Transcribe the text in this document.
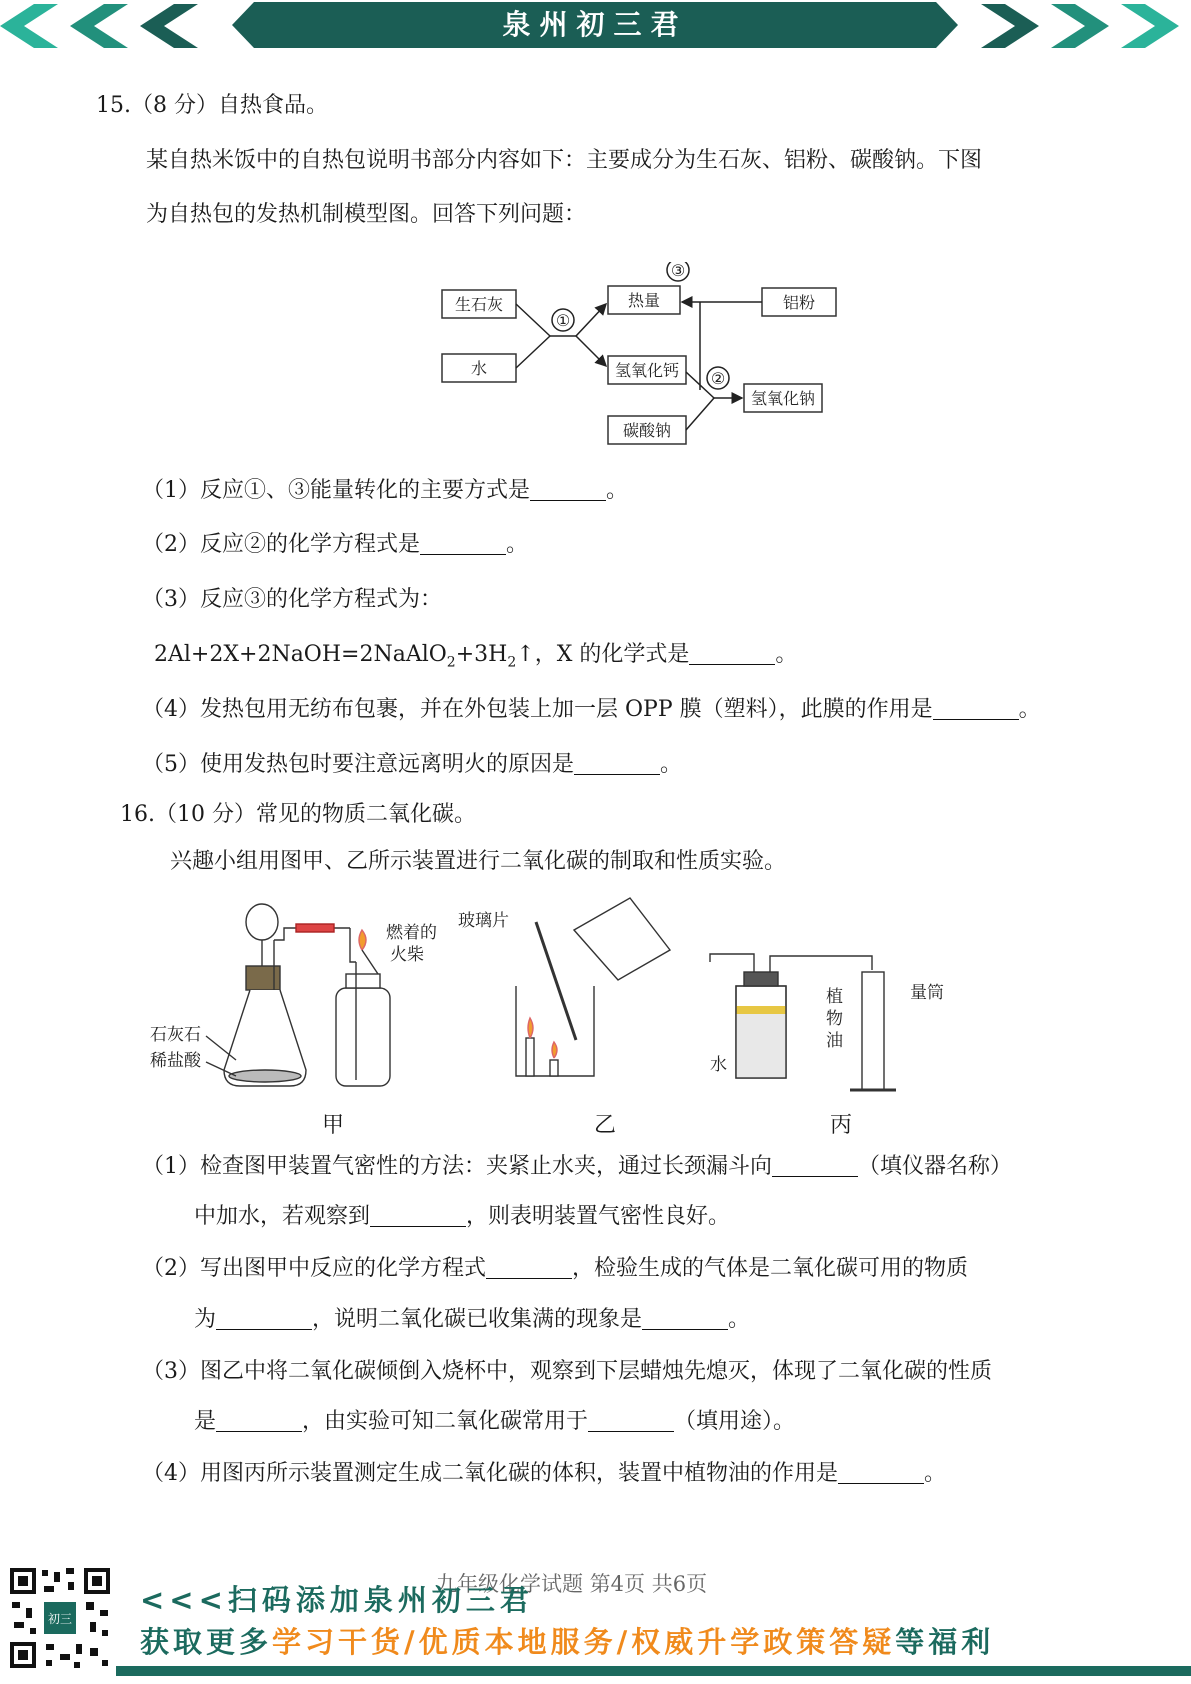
泉州初三君
15.（8 分）自热食品。
某自热米饭中的自热包说明书部分内容如下：主要成分为生石灰、铝粉、碳酸钠。下图
为自热包的发热机制模型图。回答下列问题：
生石灰
水
热量	铝粉
氢氧化钙
氢氧化钠
碳酸钠
①
②
③
（1）反应①、③能量转化的主要方式是	。
（2）反应②的化学方程式是	。
（3）反应③的化学方程式为：
$2Al+2X+2NaOH=2NaAlO_2+3H_2↑$，X 的化学式是	。
（4）发热包用无纺布包裹，并在外包装上加一层 OPP 膜（塑料），此膜的作用是	。
（5）使用发热包时要注意远离明火的原因是	。
16.（10 分）常见的物质二氧化碳。
兴趣小组用图甲、乙所示装置进行二氧化碳的制取和性质实验。
燃着的
火柴
石灰石
稀盐酸
玻璃片
植
物
油
水
量筒
甲	乙	丙
（1）检查图甲装置气密性的方法：夹紧止水夹，通过长颈漏斗向	（填仪器名称）
中加水，若观察到	，则表明装置气密性良好。
（2）写出图甲中反应的化学方程式	，检验生成的气体是二氧化碳可用的物质
为	，说明二氧化碳已收集满的现象是	。
（3）图乙中将二氧化碳倾倒入烧杯中，观察到下层蜡烛先熄灭，体现了二氧化碳的性质
是	，由实验可知二氧化碳常用于	（填用途）。
（4）用图丙所示装置测定生成二氧化碳的体积，装置中植物油的作用是	。
九年级化学试题 第4页 共6页
初三
<<<扫码添加泉州初三君
获取更多学习干货/优质本地服务/权威升学政策答疑等福利
